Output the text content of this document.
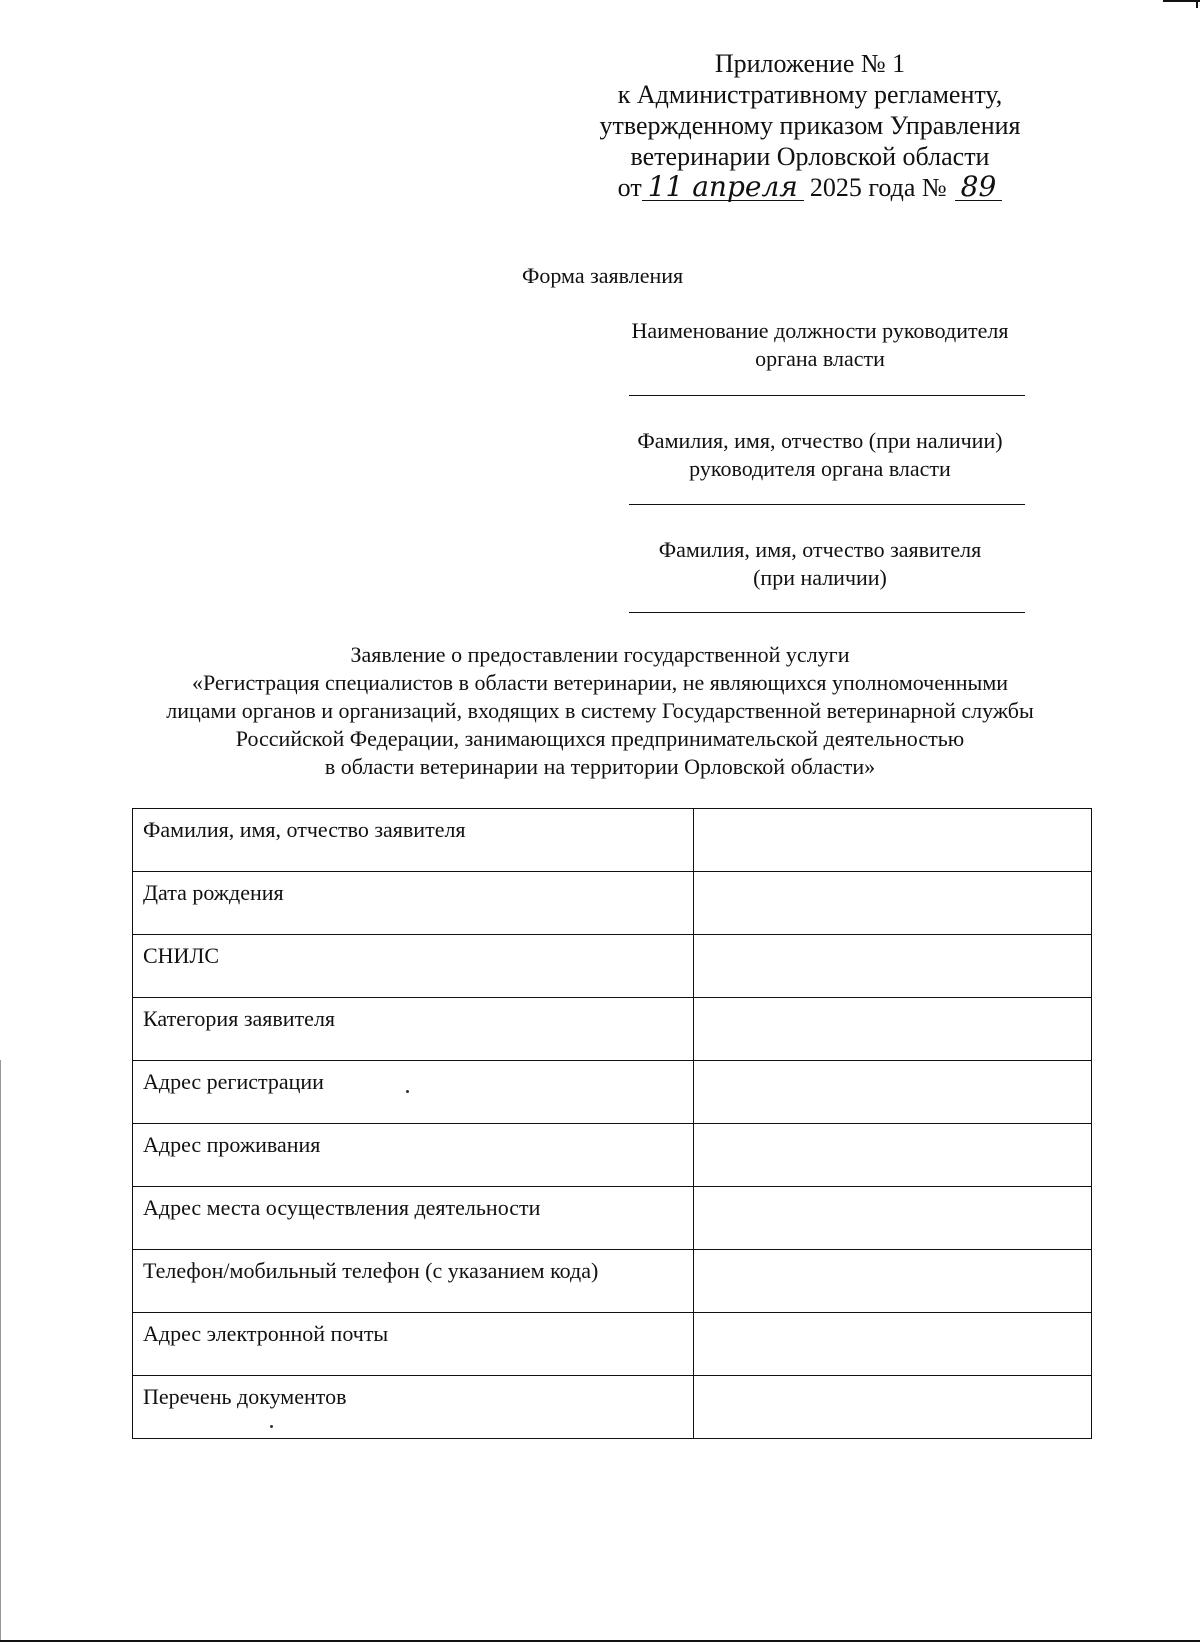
Приложение № 1
к Административному регламенту,
утвержденному приказом Управления
ветеринарии Орловской области
от 11 апреля 2025 года № 89
Форма заявления
Наименование должности руководителя
органа власти
Фамилия, имя, отчество (при наличии)
руководителя органа власти
Фамилия, имя, отчество заявителя
(при наличии)
Заявление о предоставлении государственной услуги
«Регистрация специалистов в области ветеринарии, не являющихся уполномоченными
лицами органов и организаций, входящих в систему Государственной ветеринарной службы
Российской Федерации, занимающихся предпринимательской деятельностью
в области ветеринарии на территории Орловской области»
Фамилия, имя, отчество заявителя	
Дата рождения	
СНИЛС	
Категория заявителя	
Адрес регистрации	
Адрес проживания	
Адрес места осуществления деятельности	
Телефон/мобильный телефон (с указанием кода)	
Адрес электронной почты	
Перечень документов	
